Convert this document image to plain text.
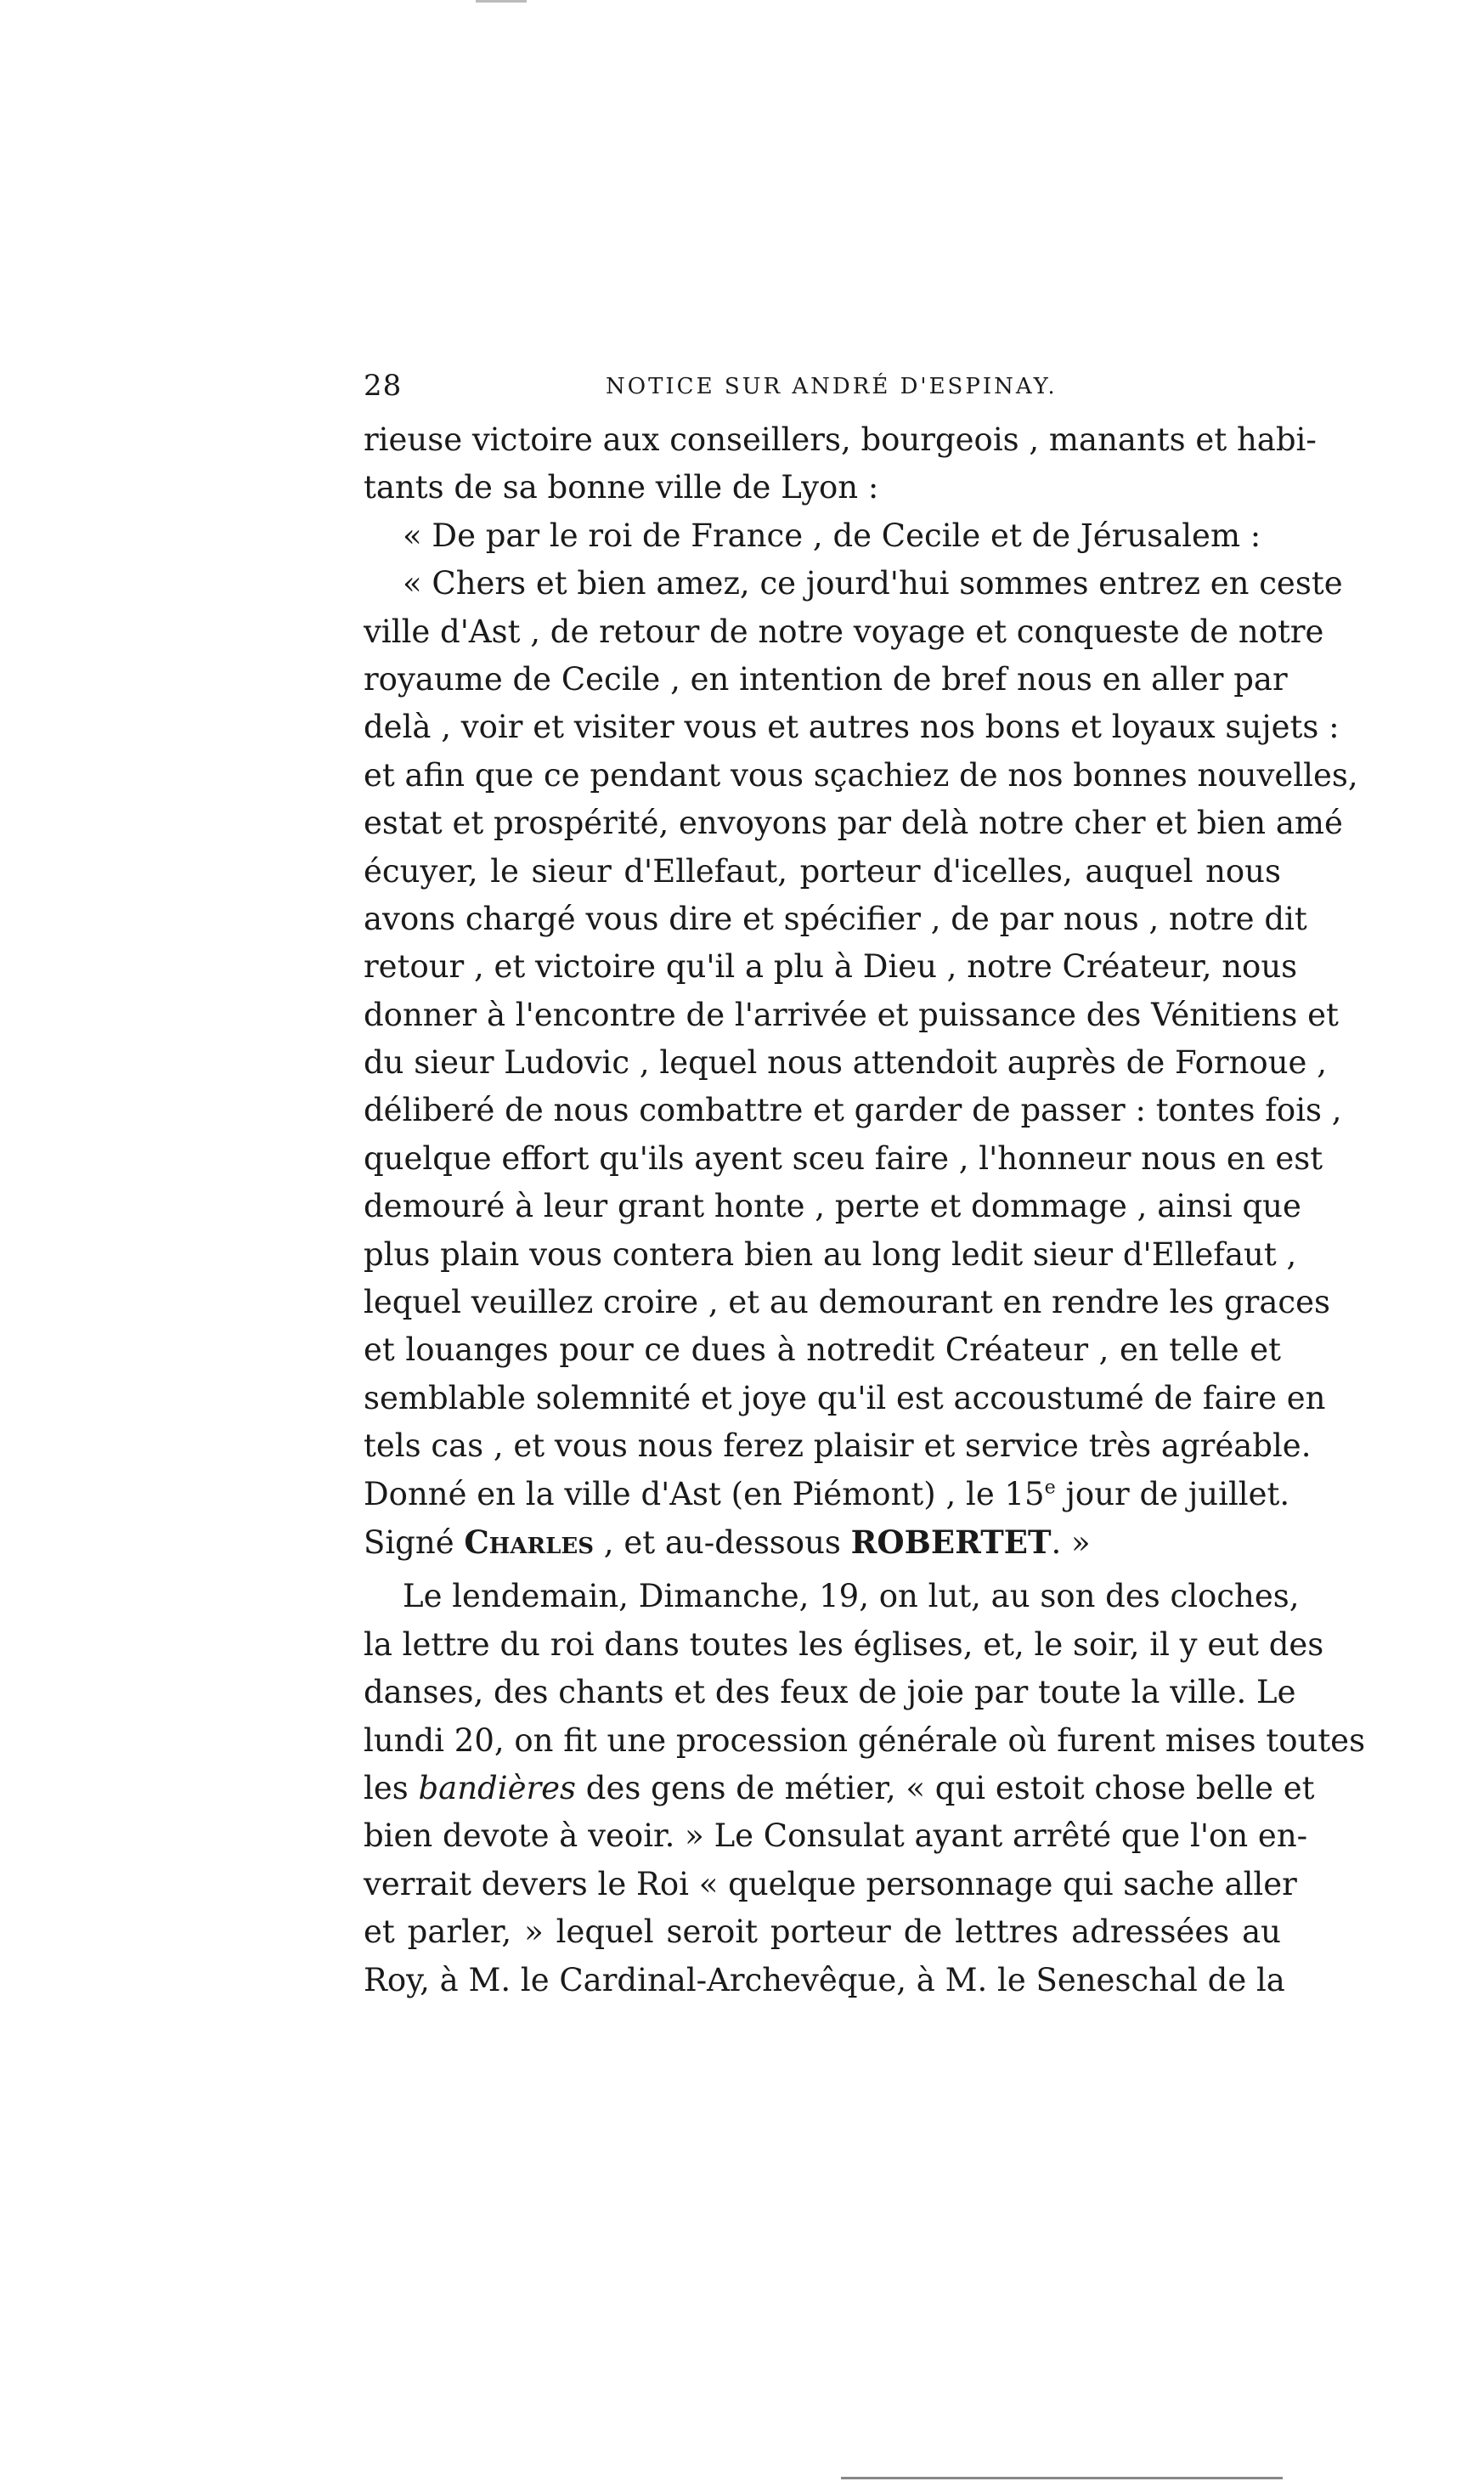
28	NOTICE SUR ANDRÉ D'ESPINAY.
rieuse victoire aux conseillers, bourgeois , manants et habi-
tants de sa bonne ville de Lyon :
« De par le roi de France , de Cecile et de Jérusalem :
« Chers et bien amez, ce jourd'hui sommes entrez en ceste
ville d'Ast , de retour de notre voyage et conqueste de notre
royaume de Cecile , en intention de bref nous en aller par
delà , voir et visiter vous et autres nos bons et loyaux sujets :
et afin que ce pendant vous sçachiez de nos bonnes nouvelles,
estat et prospérité, envoyons par delà notre cher et bien amé
écuyer, le sieur d'Ellefaut, porteur d'icelles, auquel nous
avons chargé vous dire et spécifier , de par nous , notre dit
retour , et victoire qu'il a plu à Dieu , notre Créateur, nous
donner à l'encontre de l'arrivée et puissance des Vénitiens et
du sieur Ludovic , lequel nous attendoit auprès de Fornoue ,
déliberé de nous combattre et garder de passer : tontes fois ,
quelque effort qu'ils ayent sceu faire , l'honneur nous en est
demouré à leur grant honte , perte et dommage , ainsi que
plus plain vous contera bien au long ledit sieur d'Ellefaut ,
lequel veuillez croire , et au demourant en rendre les graces
et louanges pour ce dues à notredit Créateur , en telle et
semblable solemnité et joye qu'il est accoustumé de faire en
tels cas , et vous nous ferez plaisir et service très agréable.
Donné en la ville d'Ast (en Piémont) , le 15e jour de juillet.
Signé Charles , et au-dessous ROBERTET. »
Le lendemain, Dimanche, 19, on lut, au son des cloches,
la lettre du roi dans toutes les églises, et, le soir, il y eut des
danses, des chants et des feux de joie par toute la ville. Le
lundi 20, on fit une procession générale où furent mises toutes
les bandières des gens de métier, « qui estoit chose belle et
bien devote à veoir. » Le Consulat ayant arrêté que l'on en-
verrait devers le Roi « quelque personnage qui sache aller
et parler, » lequel seroit porteur de lettres adressées au
Roy, à M. le Cardinal-Archevêque, à M. le Seneschal de la
